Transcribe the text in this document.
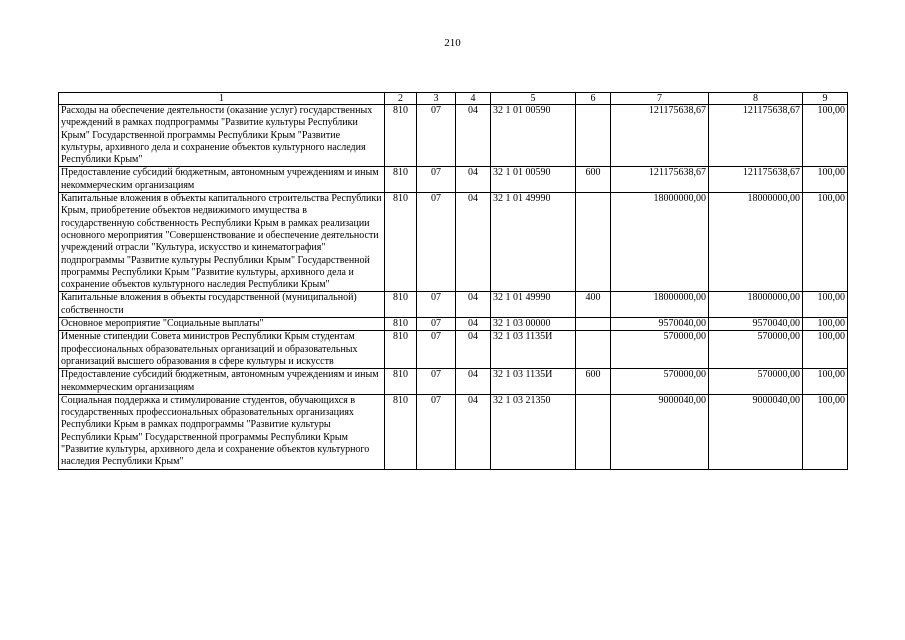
210
1	2	3	4	5	6	7	8	9
Расходы на обеспечение деятельности (оказание услуг) государственных учреждений в рамках подпрограммы "Развитие культуры Республики Крым" Государственной программы Республики Крым "Развитие культуры, архивного дела и сохранение объектов культурного наследия Республики Крым"	810	07	04	32 1 01 00590		121175638,67	121175638,67	100,00
Предоставление субсидий бюджетным, автономным учреждениям и иным некоммерческим организациям	810	07	04	32 1 01 00590	600	121175638,67	121175638,67	100,00
Капитальные вложения в объекты капитального строительства Республики Крым, приобретение объектов недвижимого имущества в государственную собственность Республики Крым в рамках реализации основного мероприятия "Совершенствование и обеспечение деятельности учреждений отрасли "Культура, искусство и кинематография" подпрограммы "Развитие культуры Республики Крым" Государственной программы Республики Крым "Развитие культуры, архивного дела и сохранение объектов культурного наследия Республики Крым"	810	07	04	32 1 01 49990		18000000,00	18000000,00	100,00
Капитальные вложения в объекты государственной (муниципальной) собственности	810	07	04	32 1 01 49990	400	18000000,00	18000000,00	100,00
Основное мероприятие "Социальные выплаты"	810	07	04	32 1 03 00000		9570040,00	9570040,00	100,00
Именные стипендии Совета министров Республики Крым студентам профессиональных образовательных организаций и образовательных организаций высшего образования в сфере культуры и искусств	810	07	04	32 1 03 1135И		570000,00	570000,00	100,00
Предоставление субсидий бюджетным, автономным учреждениям и иным некоммерческим организациям	810	07	04	32 1 03 1135И	600	570000,00	570000,00	100,00
Социальная поддержка и стимулирование студентов, обучающихся в государственных профессиональных образовательных организациях Республики Крым в рамках подпрограммы "Развитие культуры Республики Крым" Государственной программы Республики Крым "Развитие культуры, архивного дела и сохранение объектов культурного наследия Республики Крым"	810	07	04	32 1 03 21350		9000040,00	9000040,00	100,00
